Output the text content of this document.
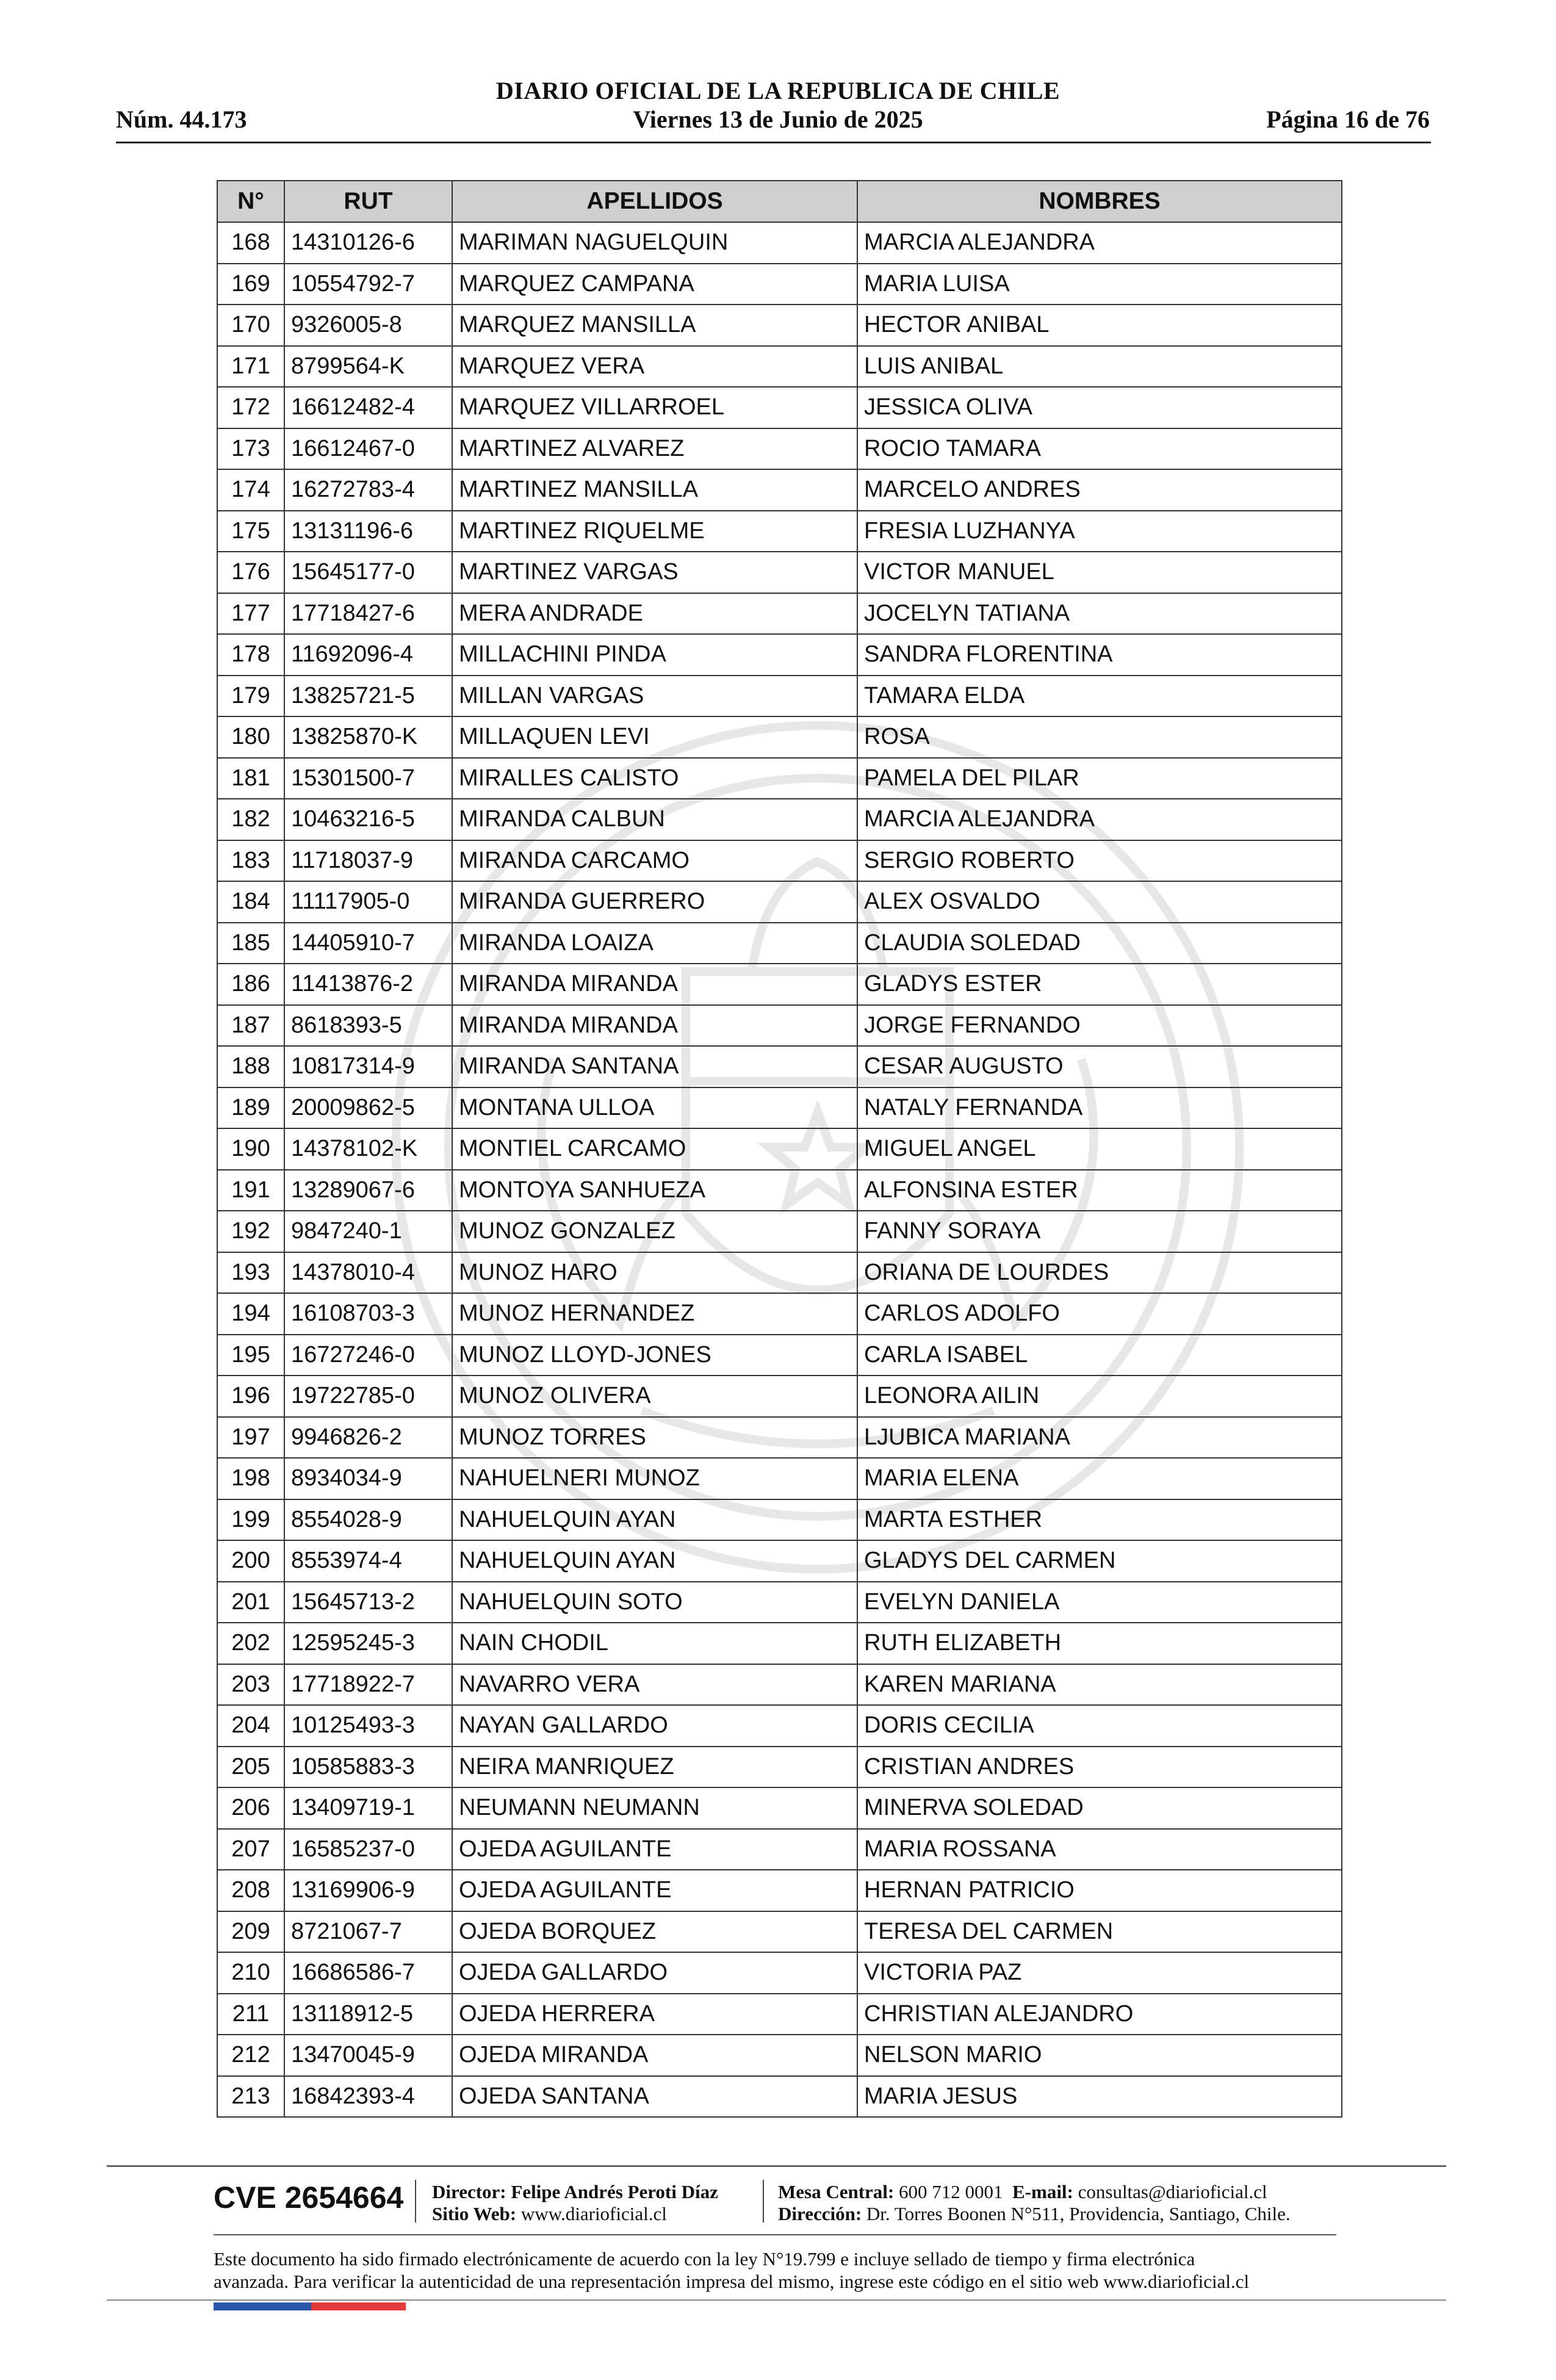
DIARIO OFICIAL DE LA REPUBLICA DE CHILE
Núm. 44.173	Viernes 13 de Junio de 2025	Página 16 de 76
N°	RUT	APELLIDOS	NOMBRES
168	14310126-6	MARIMAN NAGUELQUIN	MARCIA ALEJANDRA
169	10554792-7	MARQUEZ CAMPANA	MARIA LUISA
170	9326005-8	MARQUEZ MANSILLA	HECTOR ANIBAL
171	8799564-K	MARQUEZ VERA	LUIS ANIBAL
172	16612482-4	MARQUEZ VILLARROEL	JESSICA OLIVA
173	16612467-0	MARTINEZ ALVAREZ	ROCIO TAMARA
174	16272783-4	MARTINEZ MANSILLA	MARCELO ANDRES
175	13131196-6	MARTINEZ RIQUELME	FRESIA LUZHANYA
176	15645177-0	MARTINEZ VARGAS	VICTOR MANUEL
177	17718427-6	MERA ANDRADE	JOCELYN TATIANA
178	11692096-4	MILLACHINI PINDA	SANDRA FLORENTINA
179	13825721-5	MILLAN VARGAS	TAMARA ELDA
180	13825870-K	MILLAQUEN LEVI	ROSA
181	15301500-7	MIRALLES CALISTO	PAMELA DEL PILAR
182	10463216-5	MIRANDA CALBUN	MARCIA ALEJANDRA
183	11718037-9	MIRANDA CARCAMO	SERGIO ROBERTO
184	11117905-0	MIRANDA GUERRERO	ALEX OSVALDO
185	14405910-7	MIRANDA LOAIZA	CLAUDIA SOLEDAD
186	11413876-2	MIRANDA MIRANDA	GLADYS ESTER
187	8618393-5	MIRANDA MIRANDA	JORGE FERNANDO
188	10817314-9	MIRANDA SANTANA	CESAR AUGUSTO
189	20009862-5	MONTANA ULLOA	NATALY FERNANDA
190	14378102-K	MONTIEL CARCAMO	MIGUEL ANGEL
191	13289067-6	MONTOYA SANHUEZA	ALFONSINA ESTER
192	9847240-1	MUNOZ GONZALEZ	FANNY SORAYA
193	14378010-4	MUNOZ HARO	ORIANA DE LOURDES
194	16108703-3	MUNOZ HERNANDEZ	CARLOS ADOLFO
195	16727246-0	MUNOZ LLOYD-JONES	CARLA ISABEL
196	19722785-0	MUNOZ OLIVERA	LEONORA AILIN
197	9946826-2	MUNOZ TORRES	LJUBICA MARIANA
198	8934034-9	NAHUELNERI MUNOZ	MARIA ELENA
199	8554028-9	NAHUELQUIN AYAN	MARTA ESTHER
200	8553974-4	NAHUELQUIN AYAN	GLADYS DEL CARMEN
201	15645713-2	NAHUELQUIN SOTO	EVELYN DANIELA
202	12595245-3	NAIN CHODIL	RUTH ELIZABETH
203	17718922-7	NAVARRO VERA	KAREN MARIANA
204	10125493-3	NAYAN GALLARDO	DORIS CECILIA
205	10585883-3	NEIRA MANRIQUEZ	CRISTIAN ANDRES
206	13409719-1	NEUMANN NEUMANN	MINERVA SOLEDAD
207	16585237-0	OJEDA AGUILANTE	MARIA ROSSANA
208	13169906-9	OJEDA AGUILANTE	HERNAN PATRICIO
209	8721067-7	OJEDA BORQUEZ	TERESA DEL CARMEN
210	16686586-7	OJEDA GALLARDO	VICTORIA PAZ
211	13118912-5	OJEDA HERRERA	CHRISTIAN ALEJANDRO
212	13470045-9	OJEDA MIRANDA	NELSON MARIO
213	16842393-4	OJEDA SANTANA	MARIA JESUS
CVE 2654664 Director: Felipe Andrés Peroti Díaz
Sitio Web: www.diarioficial.cl
Mesa Central: 600 712 0001 E-mail: consultas@diarioficial.cl
Dirección: Dr. Torres Boonen N°511, Providencia, Santiago, Chile.
Este documento ha sido firmado electrónicamente de acuerdo con la ley N°19.799 e incluye sellado de tiempo y firma electrónica
avanzada. Para verificar la autenticidad de una representación impresa del mismo, ingrese este código en el sitio web www.diarioficial.cl
